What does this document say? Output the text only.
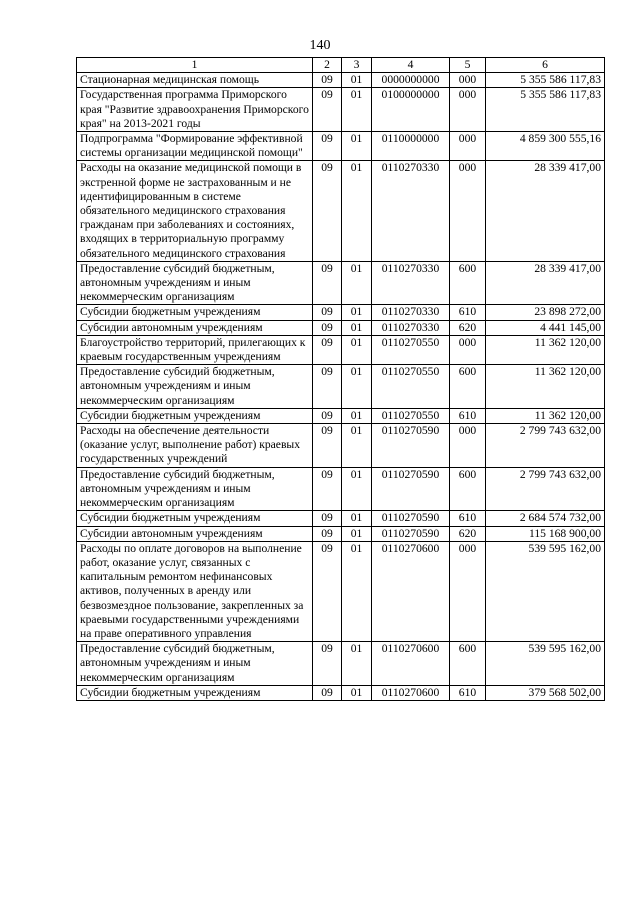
140
1	2	3	4	5	6
Стационарная медицинская помощь	09	01	0000000000	000	5 355 586 117,83
Государственная программа Приморского края "Развитие здравоохранения Приморского края" на 2013-2021 годы	09	01	0100000000	000	5 355 586 117,83
Подпрограмма "Формирование эффективной системы организации медицинской помощи"	09	01	0110000000	000	4 859 300 555,16
Расходы на оказание медицинской помощи в экстренной форме не застрахованным и не идентифицированным в системе обязательного медицинского страхования гражданам при заболеваниях и состояниях, входящих в территориальную программу обязательного медицинского страхования	09	01	0110270330	000	28 339 417,00
Предоставление субсидий бюджетным, автономным учреждениям и иным некоммерческим организациям	09	01	0110270330	600	28 339 417,00
Субсидии бюджетным учреждениям	09	01	0110270330	610	23 898 272,00
Субсидии автономным учреждениям	09	01	0110270330	620	4 441 145,00
Благоустройство территорий, прилегающих к краевым государственным учреждениям	09	01	0110270550	000	11 362 120,00
Предоставление субсидий бюджетным, автономным учреждениям и иным некоммерческим организациям	09	01	0110270550	600	11 362 120,00
Субсидии бюджетным учреждениям	09	01	0110270550	610	11 362 120,00
Расходы на обеспечение деятельности (оказание услуг, выполнение работ) краевых государственных учреждений	09	01	0110270590	000	2 799 743 632,00
Предоставление субсидий бюджетным, автономным учреждениям и иным некоммерческим организациям	09	01	0110270590	600	2 799 743 632,00
Субсидии бюджетным учреждениям	09	01	0110270590	610	2 684 574 732,00
Субсидии автономным учреждениям	09	01	0110270590	620	115 168 900,00
Расходы по оплате договоров на выполнение работ, оказание услуг, связанных с капитальным ремонтом нефинансовых активов, полученных в аренду или безвозмездное пользование, закрепленных за краевыми государственными учреждениями на праве оперативного управления	09	01	0110270600	000	539 595 162,00
Предоставление субсидий бюджетным, автономным учреждениям и иным некоммерческим организациям	09	01	0110270600	600	539 595 162,00
Субсидии бюджетным учреждениям	09	01	0110270600	610	379 568 502,00
